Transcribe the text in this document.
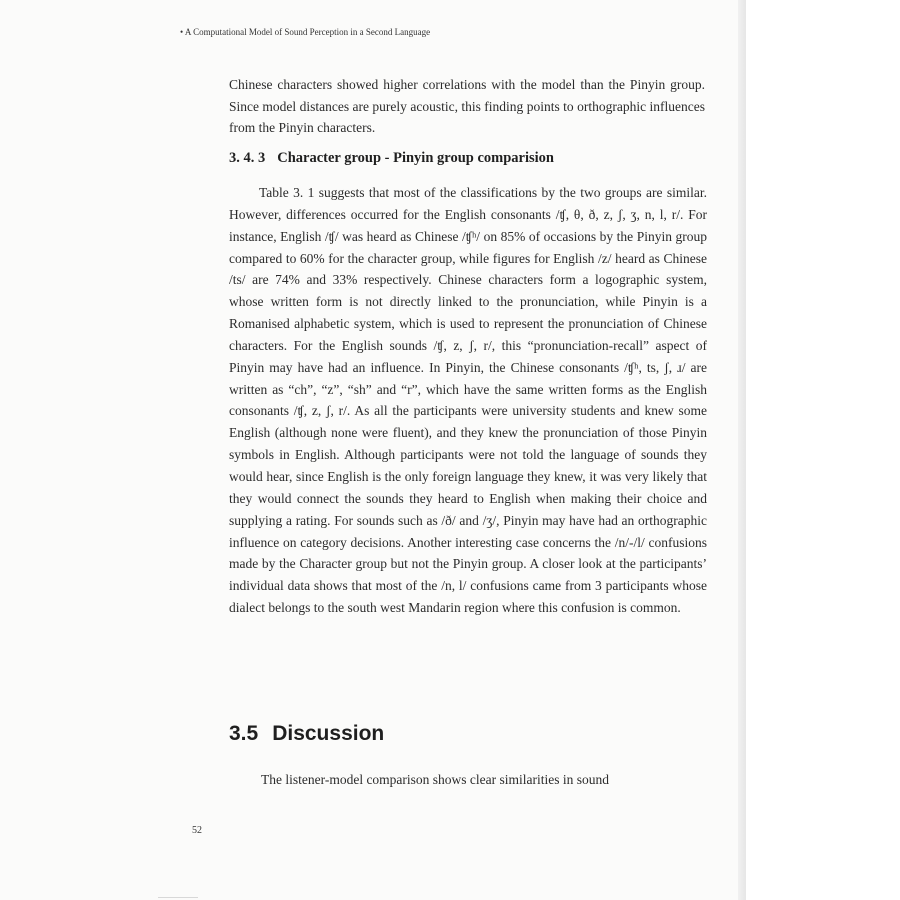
• A Computational Model of Sound Perception in a Second Language

Chinese characters showed higher correlations with the model than the Pinyin group. Since model distances are purely acoustic, this finding points to orthographic influences from the Pinyin characters.

3. 4. 3 Character group - Pinyin group comparision

Table 3. 1 suggests that most of the classifications by the two groups are similar. However, differences occurred for the English consonants /ʧ, θ, ð, z, ʃ, ʒ, n, l, r/. For instance, English /ʧ/ was heard as Chinese /ʧʰ/ on 85% of occasions by the Pinyin group compared to 60% for the character group, while figures for English /z/ heard as Chinese /ts/ are 74% and 33% respectively. Chinese characters form a logographic system, whose written form is not directly linked to the pronunciation, while Pinyin is a Romanised alphabetic system, which is used to represent the pronunciation of Chinese characters. For the English sounds /ʧ, z, ʃ, r/, this “pronunciation-recall” aspect of Pinyin may have had an influence. In Pinyin, the Chinese consonants /ʧʰ, ts, ʃ, ɹ/ are written as “ch”, “z”, “sh” and “r”, which have the same written forms as the English consonants /ʧ, z, ʃ, r/. As all the participants were university students and knew some English (although none were fluent), and they knew the pronunciation of those Pinyin symbols in English. Although participants were not told the language of sounds they would hear, since English is the only foreign language they knew, it was very likely that they would connect the sounds they heard to English when making their choice and supplying a rating. For sounds such as /ð/ and /ʒ/, Pinyin may have had an orthographic influence on category decisions. Another interesting case concerns the /n/-/l/ confusions made by the Character group but not the Pinyin group. A closer look at the participants’ individual data shows that most of the /n, l/ confusions came from 3 participants whose dialect belongs to the south west Mandarin region where this confusion is common.

3.5 Discussion

The listener-model comparison shows clear similarities in sound

52
